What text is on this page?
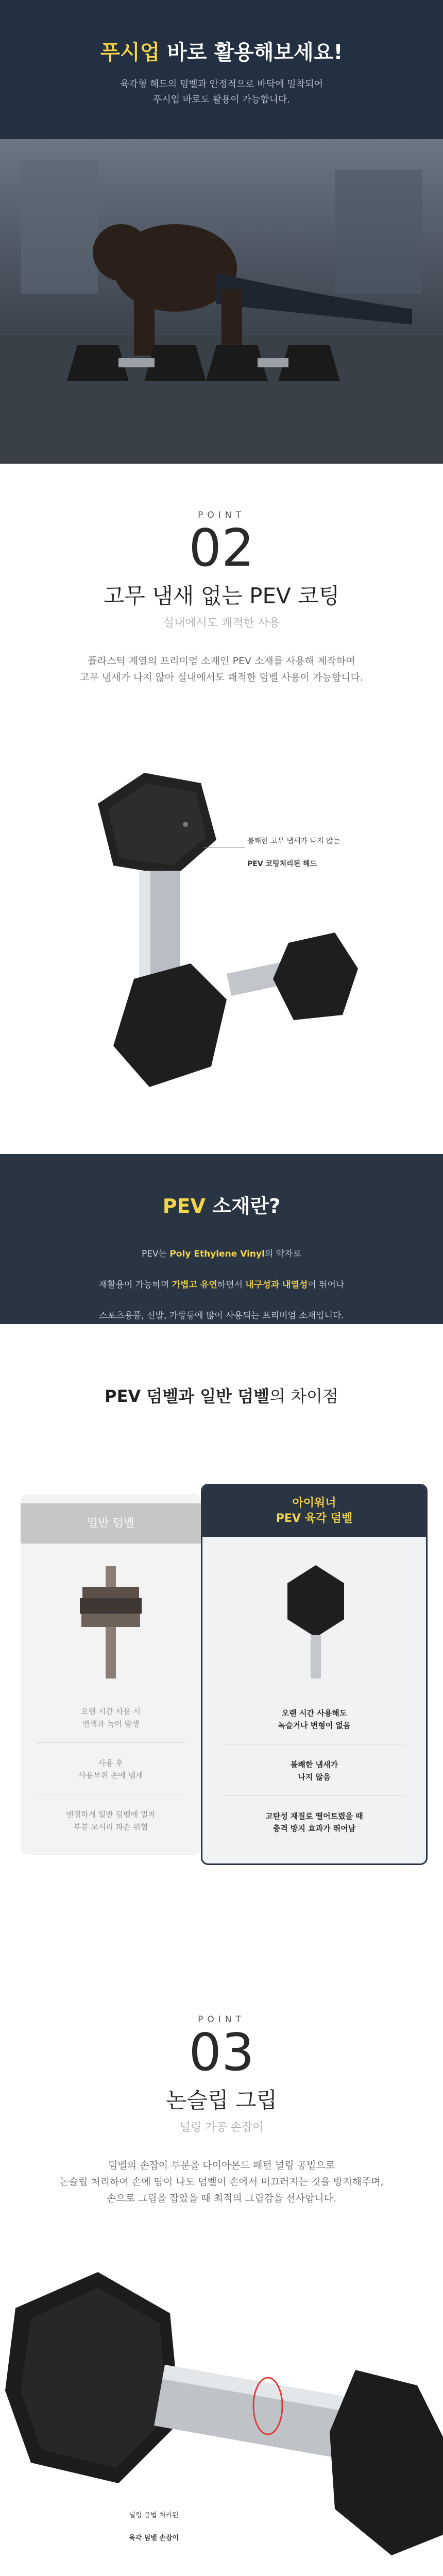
푸시업 바로 활용해보세요!
육각형 헤드의 덤벨과 안정적으로 바닥에 밀착되어
푸시업 바로도 활용이 가능합니다.
POINT
02
고무 냄새 없는 PEV 코팅
실내에서도 쾌적한 사용
플라스틱 계열의 프리미엄 소재인 PEV 소재를 사용해 제작하여
고무 냄새가 나지 않아 실내에서도 쾌적한 덤벨 사용이 가능합니다.

불쾌한 고무 냄새가 나지 않는

PEV 코팅처리된 헤드

PEV 소재란?

PEV는 Poly Ethylene Vinyl의 약자로

재활용이 가능하며 가볍고 유연하면서 내구성과 내열성이 뛰어나

스포츠용품, 신발, 가방등에 많이 사용되는 프리미엄 소재입니다.

PEV 덤벨과 일반 덤벨의 차이점
일반 덤벨
오랜 시간 사용 시
변색과 녹이 발생
사용 후
사용부위 손에 냄새
맨정하게 일반 덤벨에 밀착
부분 모서리 파손 위험
아이워너
PEV 육각 덤벨
오랜 시간 사용해도
녹슬거나 변형이 없음
불쾌한 냄새가
나지 않음
고탄성 재질로 떨어트렸을 때
충격 방지 효과가 뛰어남
POINT
03
논슬립 그립
널링 가공 손잡이
덤벨의 손잡이 부분을 다이아몬드 패턴 널링 공법으로
논슬립 처리하여 손에 땀이 나도 덤벨이 손에서 미끄러지는 것을 방지해주며,
손으로 그립을 잡았을 때 최적의 그립감을 선사합니다.

널링 공법 처리된

육각 덤벨 손잡이
